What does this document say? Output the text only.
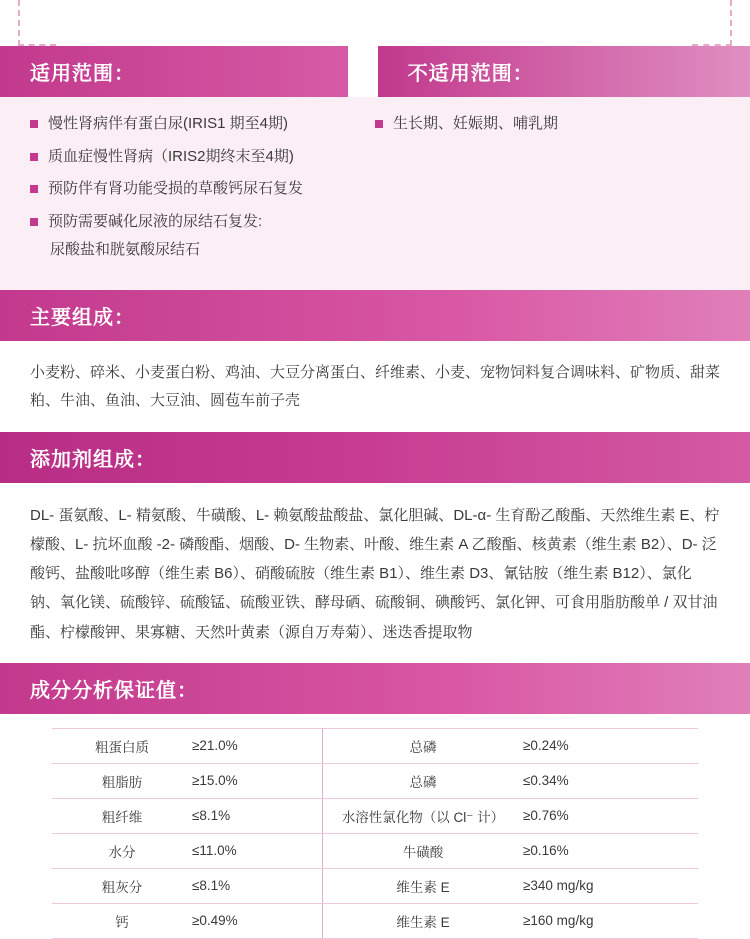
适用范围：	不适用范围：
慢性肾病伴有蛋白尿(IRIS1 期至4期)
质血症慢性肾病（IRIS2期终末至4期)
预防伴有肾功能受损的草酸钙尿石复发
预防需要碱化尿液的尿结石复发:
尿酸盐和胱氨酸尿结石
生长期、妊娠期、哺乳期
主要组成：

小麦粉、碎米、小麦蛋白粉、鸡油、大豆分离蛋白、纤维素、小麦、宠物饲料复合调味料、矿物质、甜菜粕、牛油、鱼油、大豆油、圆苞车前子壳

添加剂组成：

DL- 蛋氨酸、L- 精氨酸、牛磺酸、L- 赖氨酸盐酸盐、氯化胆碱、DL-α- 生育酚乙酸酯、天然维生素 E、柠檬酸、L- 抗坏血酸 -2- 磷酸酯、烟酸、D- 生物素、叶酸、维生素 A 乙酸酯、核黄素（维生素 B2）、D- 泛酸钙、盐酸吡哆醇（维生素 B6）、硝酸硫胺（维生素 B1）、维生素 D3、氰钴胺（维生素 B12）、氯化钠、氧化镁、硫酸锌、硫酸锰、硫酸亚铁、酵母硒、硫酸铜、碘酸钙、氯化钾、可食用脂肪酸单 / 双甘油酯、柠檬酸钾、果寡糖、天然叶黄素（源自万寿菊）、迷迭香提取物

成分分析保证值：
粗蛋白质	≥21.0%	总磷	≥0.24%
粗脂肪	≥15.0%	总磷	≤0.34%
粗纤维	≤8.1%	水溶性氯化物（以 Cl⁻ 计）	≥0.76%
水分	≤11.0%	牛磺酸	≥0.16%
粗灰分	≤8.1%	维生素 E	≥340 mg/kg
钙	≥0.49%	维生素 E	≥160 mg/kg
